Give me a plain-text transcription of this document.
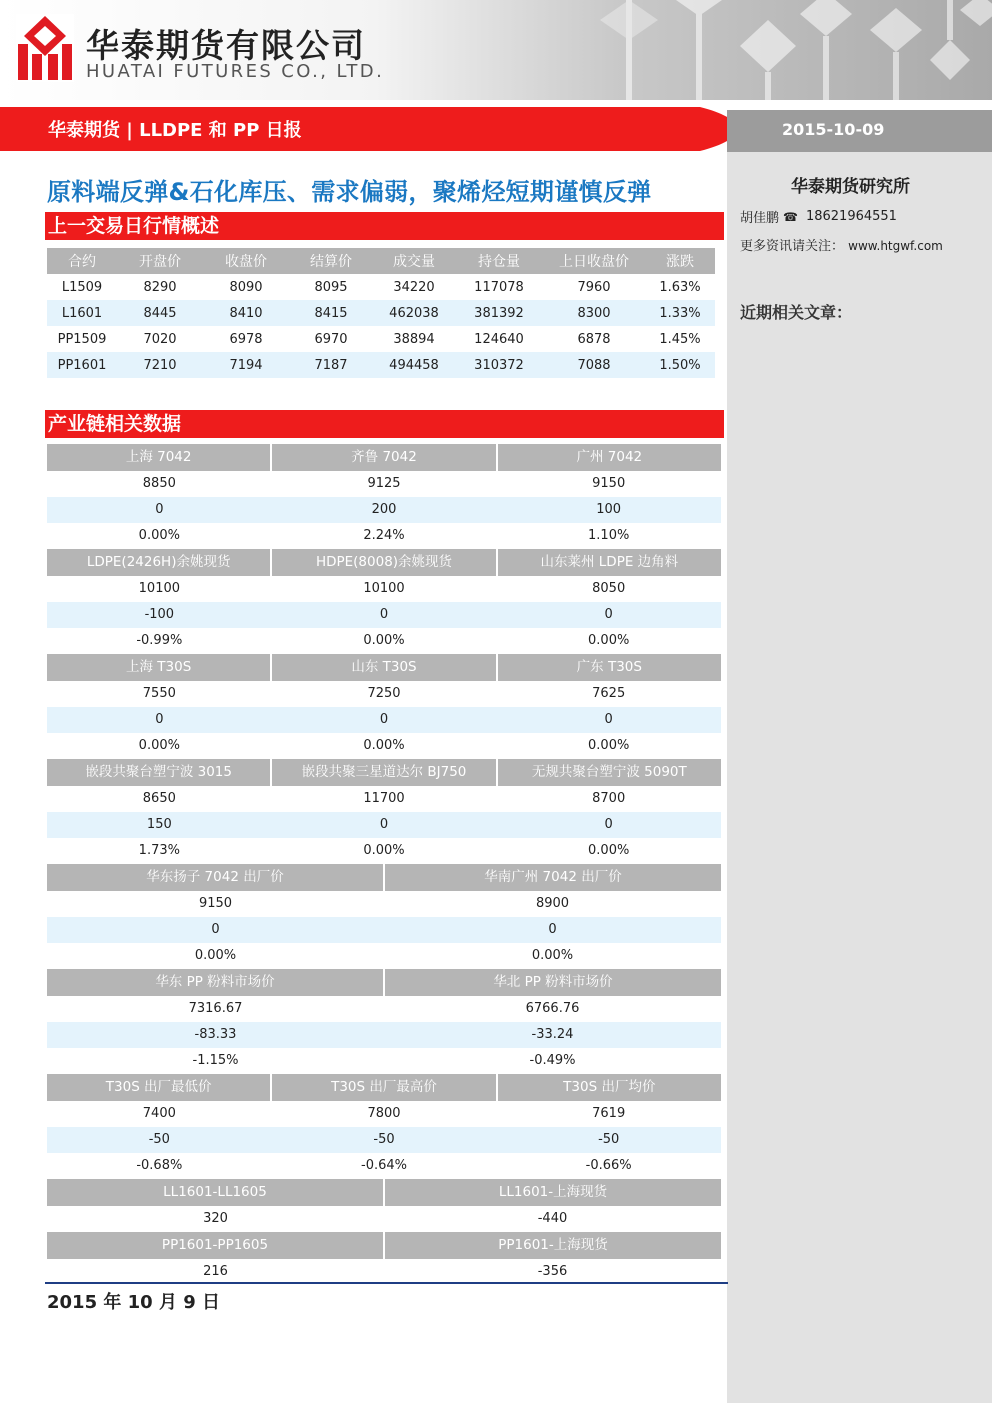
华泰期货有限公司
HUATAI FUTURES CO., LTD.
华泰期货 | LLDPE 和 PP 日报	2015-10-09
华泰期货研究所
胡佳鹏 ☎ 18621964551
更多资讯请关注： www.htgwf.com
近期相关文章：
原料端反弹&石化库压、需求偏弱，聚烯烃短期谨慎反弹
上一交易日行情概述
合约	开盘价	收盘价	结算价	成交量	持仓量	上日收盘价	涨跌
L1509	8290	8090	8095	34220	117078	7960	1.63%
L1601	8445	8410	8415	462038	381392	8300	1.33%
PP1509	7020	6978	6970	38894	124640	6878	1.45%
PP1601	7210	7194	7187	494458	310372	7088	1.50%
产业链相关数据
上海 7042	齐鲁 7042	广州 7042
8850	9125	9150
0	200	100
0.00%	2.24%	1.10%
LDPE(2426H)余姚现货	HDPE(8008)余姚现货	山东莱州 LDPE 边角料
10100	10100	8050
-100	0	0
-0.99%	0.00%	0.00%
上海 T30S	山东 T30S	广东 T30S
7550	7250	7625
0	0	0
0.00%	0.00%	0.00%
嵌段共聚台塑宁波 3015	嵌段共聚三星道达尔 BJ750	无规共聚台塑宁波 5090T
8650	11700	8700
150	0	0
1.73%	0.00%	0.00%
华东扬子 7042 出厂价	华南广州 7042 出厂价
9150	8900
0	0
0.00%	0.00%
华东 PP 粉料市场价	华北 PP 粉料市场价
7316.67	6766.76
-83.33	-33.24
-1.15%	-0.49%
T30S 出厂最低价	T30S 出厂最高价	T30S 出厂均价
7400	7800	7619
-50	-50	-50
-0.68%	-0.64%	-0.66%
LL1601-LL1605	LL1601-上海现货
320	-440
PP1601-PP1605	PP1601-上海现货
216	-356
2015 年 10 月 9 日
